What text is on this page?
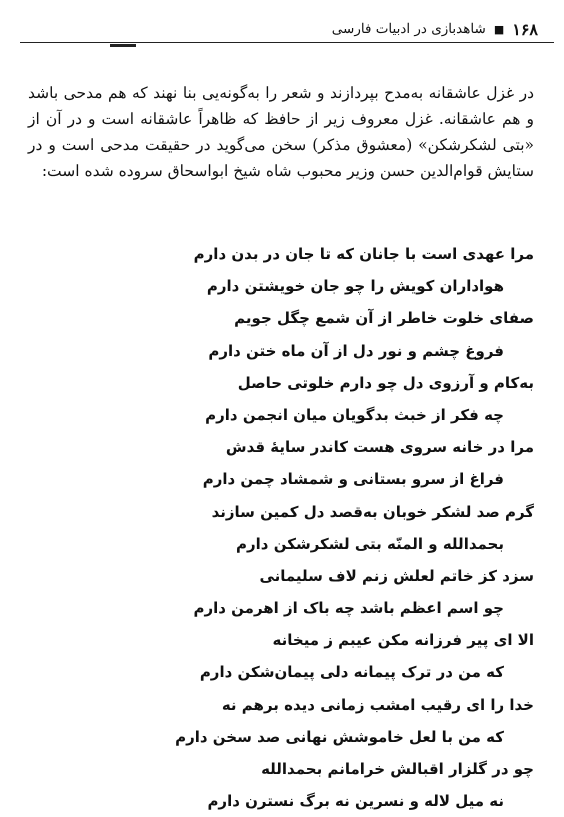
۱۶۸
■
شاهدبازی در ادبیات فارسی

در غزل عاشقانه به‌مدح بپردازند و شعر را به‌گونه‌یی بنا نهند که هم مدحی باشد و هم عاشقانه. غزل معروف زیر از حافظ که ظاهراً عاشقانه است و در آن از «بتی لشکرشکن» (معشوق مذکر) سخن می‌گوید در حقیقت مدحی است و در ستایش قوام‌الدین حسن وزیر محبوب شاه شیخ ابواسحاق سروده شده است:

مرا عهدی است با جانان که تا جان در بدن دارم
هواداران کویش را چو جان خویشتن دارم
صفای خلوت خاطر از آن شمع چگل جویم
فروغ چشم و نور دل از آن ماه ختن دارم
به‌کام و آرزوی دل چو دارم خلوتی حاصل
چه فکر از خبث بدگویان میان انجمن دارم
مرا در خانه سروی هست کاندر سایهٔ قدش
فراغ از سرو بستانی و شمشاد چمن دارم
گرم صد لشکر خوبان به‌قصد دل کمین سازند
بحمدالله و المنّه بتی لشکرشکن دارم
سزد کز خاتم لعلش زنم لاف سلیمانی
چو اسم اعظم باشد چه باک از اهرمن دارم
الا ای پیر فرزانه مکن عیبم ز میخانه
که من در ترک پیمانه دلی پیمان‌شکن دارم
خدا را ای رقیب امشب زمانی دیده برهم نه
که من با لعل خاموشش نهانی صد سخن دارم
چو در گلزار اقبالش خرامانم بحمدالله
نه میل لاله و نسرین نه برگ نسترن دارم
